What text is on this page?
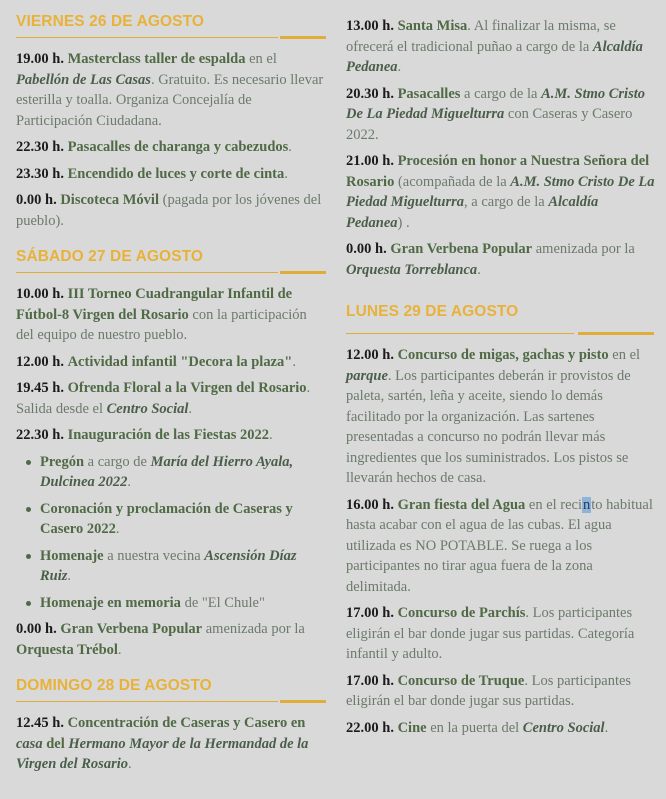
VIERNES 26 DE AGOSTO

19.00 h. Masterclass taller de espalda en el Pabellón de Las Casas. Gratuito. Es necesario llevar esterilla y toalla. Organiza Concejalía de Participación Ciudadana.

22.30 h. Pasacalles de charanga y cabezudos.

23.30 h. Encendido de luces y corte de cinta.

0.00 h. Discoteca Móvil (pagada por los jóvenes del pueblo).

SÁBADO 27 DE AGOSTO

10.00 h. III Torneo Cuadrangular Infantil de Fútbol-8 Virgen del Rosario con la participación del equipo de nuestro pueblo.

12.00 h. Actividad infantil "Decora la plaza".

19.45 h. Ofrenda Floral a la Virgen del Rosario. Salida desde el Centro Social.

22.30 h. Inauguración de las Fiestas 2022.

Pregón a cargo de María del Hierro Ayala, Dulcinea 2022.
Coronación y proclamación de Caseras y Casero 2022.
Homenaje a nuestra vecina Ascensión Díaz Ruiz.
Homenaje en memoria de "El Chule"

0.00 h. Gran Verbena Popular amenizada por la Orquesta Trébol.

DOMINGO 28 DE AGOSTO

12.45 h. Concentración de Caseras y Casero en casa del Hermano Mayor de la Hermandad de la Virgen del Rosario.

13.00 h. Santa Misa. Al finalizar la misma, se ofrecerá el tradicional puñao a cargo de la Alcaldía Pedanea.

20.30 h. Pasacalles a cargo de la A.M. Stmo Cristo De La Piedad Miguelturra con Caseras y Casero 2022.

21.00 h. Procesión en honor a Nuestra Señora del Rosario (acompañada de la A.M. Stmo Cristo De La Piedad Miguelturra, a cargo de la Alcaldía Pedanea) .

0.00 h. Gran Verbena Popular amenizada por la Orquesta Torreblanca.

LUNES 29 DE AGOSTO

12.00 h. Concurso de migas, gachas y pisto en el parque. Los participantes deberán ir provistos de paleta, sartén, leña y aceite, siendo lo demás facilitado por la organización. Las sartenes presentadas a concurso no podrán llevar más ingredientes que los suministrados. Los pistos se llevarán hechos de casa.

16.00 h. Gran fiesta del Agua en el recinto habitual hasta acabar con el agua de las cubas. El agua utilizada es NO POTABLE. Se ruega a los participantes no tirar agua fuera de la zona delimitada.

17.00 h. Concurso de Parchís. Los participantes eligirán el bar donde jugar sus partidas. Categoría infantil y adulto.

17.00 h. Concurso de Truque. Los participantes eligirán el bar donde jugar sus partidas.

22.00 h. Cine en la puerta del Centro Social.
